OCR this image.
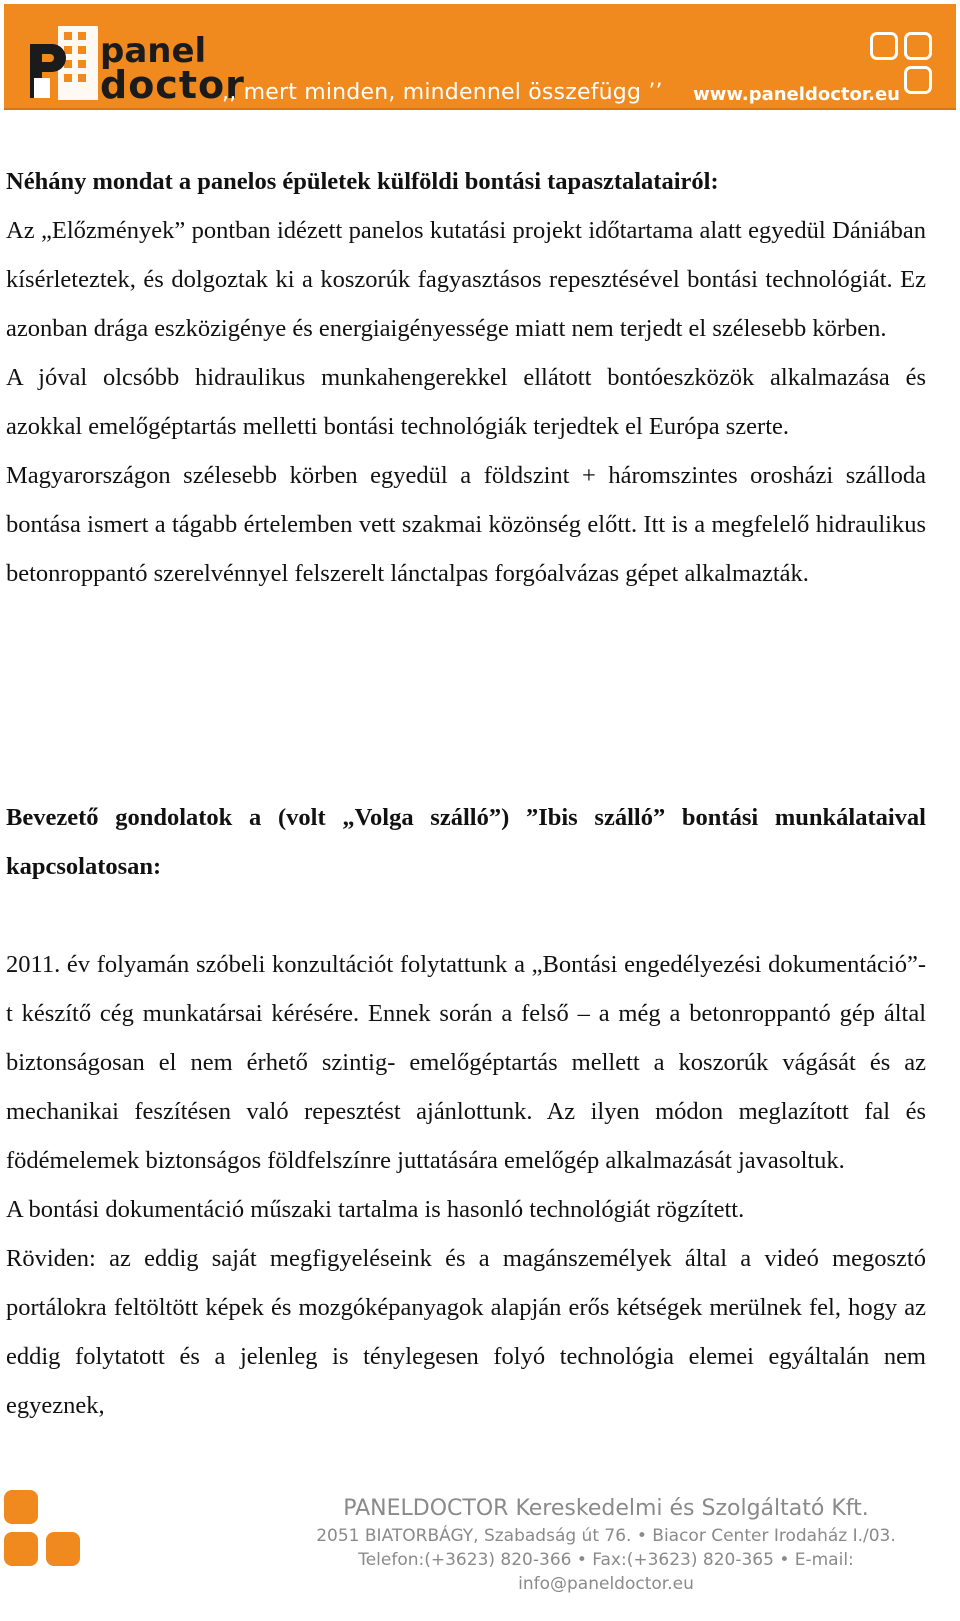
panel
doctor
,, mert minden, mindennel összefügg ’’ www.paneldoctor.eu

Néhány mondat a panelos épületek külföldi bontási tapasztalatairól:

Az „Előzmények” pontban idézett panelos kutatási projekt időtartama alatt egyedül Dániában kísérleteztek, és dolgoztak ki a koszorúk fagyasztásos repesztésével bontási technológiát. Ez azonban drága eszközigénye és energiaigényessége miatt nem terjedt el szélesebb körben.

A jóval olcsóbb hidraulikus munkahengerekkel ellátott bontóeszközök alkalmazása és azokkal emelőgéptartás melletti bontási technológiák terjedtek el Európa szerte.

Magyarországon szélesebb körben egyedül a földszint + háromszintes orosházi szálloda bontása ismert a tágabb értelemben vett szakmai közönség előtt. Itt is a megfelelő hidraulikus betonroppantó szerelvénnyel felszerelt lánctalpas forgóalvázas gépet alkalmazták.

Bevezető gondolatok a (volt „Volga szálló”) ”Ibis szálló” bontási munkálataival kapcsolatosan:

2011. év folyamán szóbeli konzultációt folytattunk a „Bontási engedélyezési dokumentáció”-t készítő cég munkatársai kérésére. Ennek során a felső – a még a betonroppantó gép által biztonságosan el nem érhető szintig- emelőgéptartás mellett a koszorúk vágását és az mechanikai feszítésen való repesztést ajánlottunk. Az ilyen módon meglazított fal és födémelemek biztonságos földfelszínre juttatására emelőgép alkalmazását javasoltuk.

A bontási dokumentáció műszaki tartalma is hasonló technológiát rögzített.

Röviden: az eddig saját megfigyeléseink és a magánszemélyek által a videó megosztó portálokra feltöltött képek és mozgóképanyagok alapján erős kétségek merülnek fel, hogy az eddig folytatott és a jelenleg is ténylegesen folyó technológia elemei egyáltalán nem egyeznek,

PANELDOCTOR Kereskedelmi és Szolgáltató Kft.
2051 BIATORBÁGY, Szabadság út 76. • Biacor Center Irodaház I./03.
Telefon:(+3623) 820-366 • Fax:(+3623) 820-365 • E-mail: info@paneldoctor.eu
